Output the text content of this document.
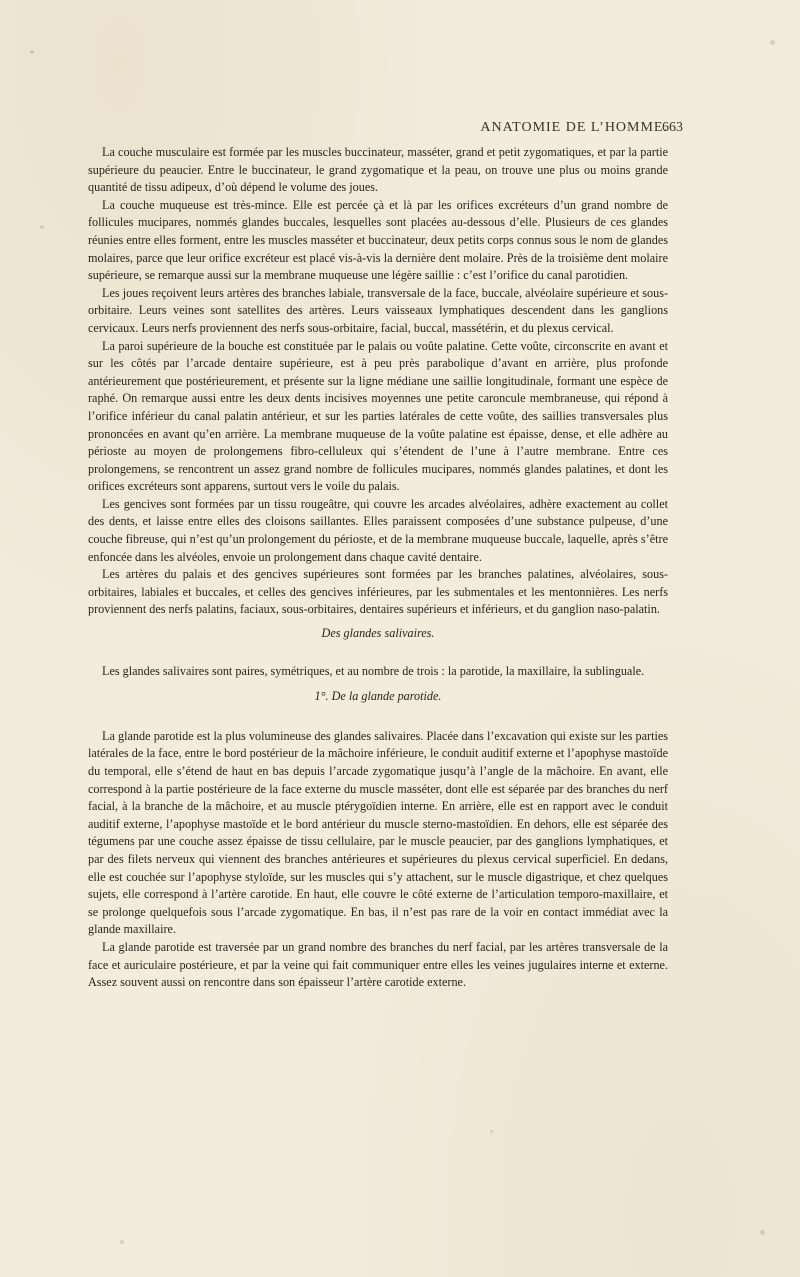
ANATOMIE DE L’HOMME.
663

La couche musculaire est formée par les muscles buccinateur, masséter, grand et petit zygomatiques, et par la partie supérieure du peaucier. Entre le buccinateur, le grand zygomatique et la peau, on trouve une plus ou moins grande quantité de tissu adipeux, d’où dépend le volume des joues.

La couche muqueuse est très-mince. Elle est percée çà et là par les orifices excréteurs d’un grand nombre de follicules mucipares, nommés glandes buccales, lesquelles sont placées au-dessous d’elle. Plusieurs de ces glandes réunies entre elles forment, entre les muscles masséter et buccinateur, deux petits corps connus sous le nom de glandes molaires, parce que leur orifice excréteur est placé vis-à-vis la dernière dent molaire. Près de la troisième dent molaire supérieure, se remarque aussi sur la membrane muqueuse une légère saillie : c’est l’orifice du canal parotidien.

Les joues reçoivent leurs artères des branches labiale, transversale de la face, buccale, alvéolaire supérieure et sous-orbitaire. Leurs veines sont satellites des artères. Leurs vaisseaux lymphatiques descendent dans les ganglions cervicaux. Leurs nerfs proviennent des nerfs sous-orbitaire, facial, buccal, massétérin, et du plexus cervical.

La paroi supérieure de la bouche est constituée par le palais ou voûte palatine. Cette voûte, circonscrite en avant et sur les côtés par l’arcade dentaire supérieure, est à peu près parabolique d’avant en arrière, plus profonde antérieurement que postérieurement, et présente sur la ligne médiane une saillie longitudinale, formant une espèce de raphé. On remarque aussi entre les deux dents incisives moyennes une petite caroncule membraneuse, qui répond à l’orifice inférieur du canal palatin antérieur, et sur les parties latérales de cette voûte, des saillies transversales plus prononcées en avant qu’en arrière. La membrane muqueuse de la voûte palatine est épaisse, dense, et elle adhère au périoste au moyen de prolongemens fibro-celluleux qui s’étendent de l’une à l’autre membrane. Entre ces prolongemens, se rencontrent un assez grand nombre de follicules mucipares, nommés glandes palatines, et dont les orifices excréteurs sont apparens, surtout vers le voile du palais.

Les gencives sont formées par un tissu rougeâtre, qui couvre les arcades alvéolaires, adhère exactement au collet des dents, et laisse entre elles des cloisons saillantes. Elles paraissent composées d’une substance pulpeuse, d’une couche fibreuse, qui n’est qu’un prolongement du périoste, et de la membrane muqueuse buccale, laquelle, après s’être enfoncée dans les alvéoles, envoie un prolongement dans chaque cavité dentaire.

Les artères du palais et des gencives supérieures sont formées par les branches palatines, alvéolaires, sous-orbitaires, labiales et buccales, et celles des gencives inférieures, par les submentales et les mentonnières. Les nerfs proviennent des nerfs palatins, faciaux, sous-orbitaires, dentaires supérieurs et inférieurs, et du ganglion naso-palatin.

Des glandes salivaires.

Les glandes salivaires sont paires, symétriques, et au nombre de trois : la parotide, la maxillaire, la sublinguale.

1°. De la glande parotide.

La glande parotide est la plus volumineuse des glandes salivaires. Placée dans l’excavation qui existe sur les parties latérales de la face, entre le bord postérieur de la mâchoire inférieure, le conduit auditif externe et l’apophyse mastoïde du temporal, elle s’étend de haut en bas depuis l’arcade zygomatique jusqu’à l’angle de la mâchoire. En avant, elle correspond à la partie postérieure de la face externe du muscle masséter, dont elle est séparée par des branches du nerf facial, à la branche de la mâchoire, et au muscle ptérygoïdien interne. En arrière, elle est en rapport avec le conduit auditif externe, l’apophyse mastoïde et le bord antérieur du muscle sterno-mastoïdien. En dehors, elle est séparée des tégumens par une couche assez épaisse de tissu cellulaire, par le muscle peaucier, par des ganglions lymphatiques, et par des filets nerveux qui viennent des branches antérieures et supérieures du plexus cervical superficiel. En dedans, elle est couchée sur l’apophyse styloïde, sur les muscles qui s’y attachent, sur le muscle digastrique, et chez quelques sujets, elle correspond à l’artère carotide. En haut, elle couvre le côté externe de l’articulation temporo-maxillaire, et se prolonge quelquefois sous l’arcade zygomatique. En bas, il n’est pas rare de la voir en contact immédiat avec la glande maxillaire.

La glande parotide est traversée par un grand nombre des branches du nerf facial, par les artères transversale de la face et auriculaire postérieure, et par la veine qui fait communiquer entre elles les veines jugulaires interne et externe. Assez souvent aussi on rencontre dans son épaisseur l’artère carotide externe.
